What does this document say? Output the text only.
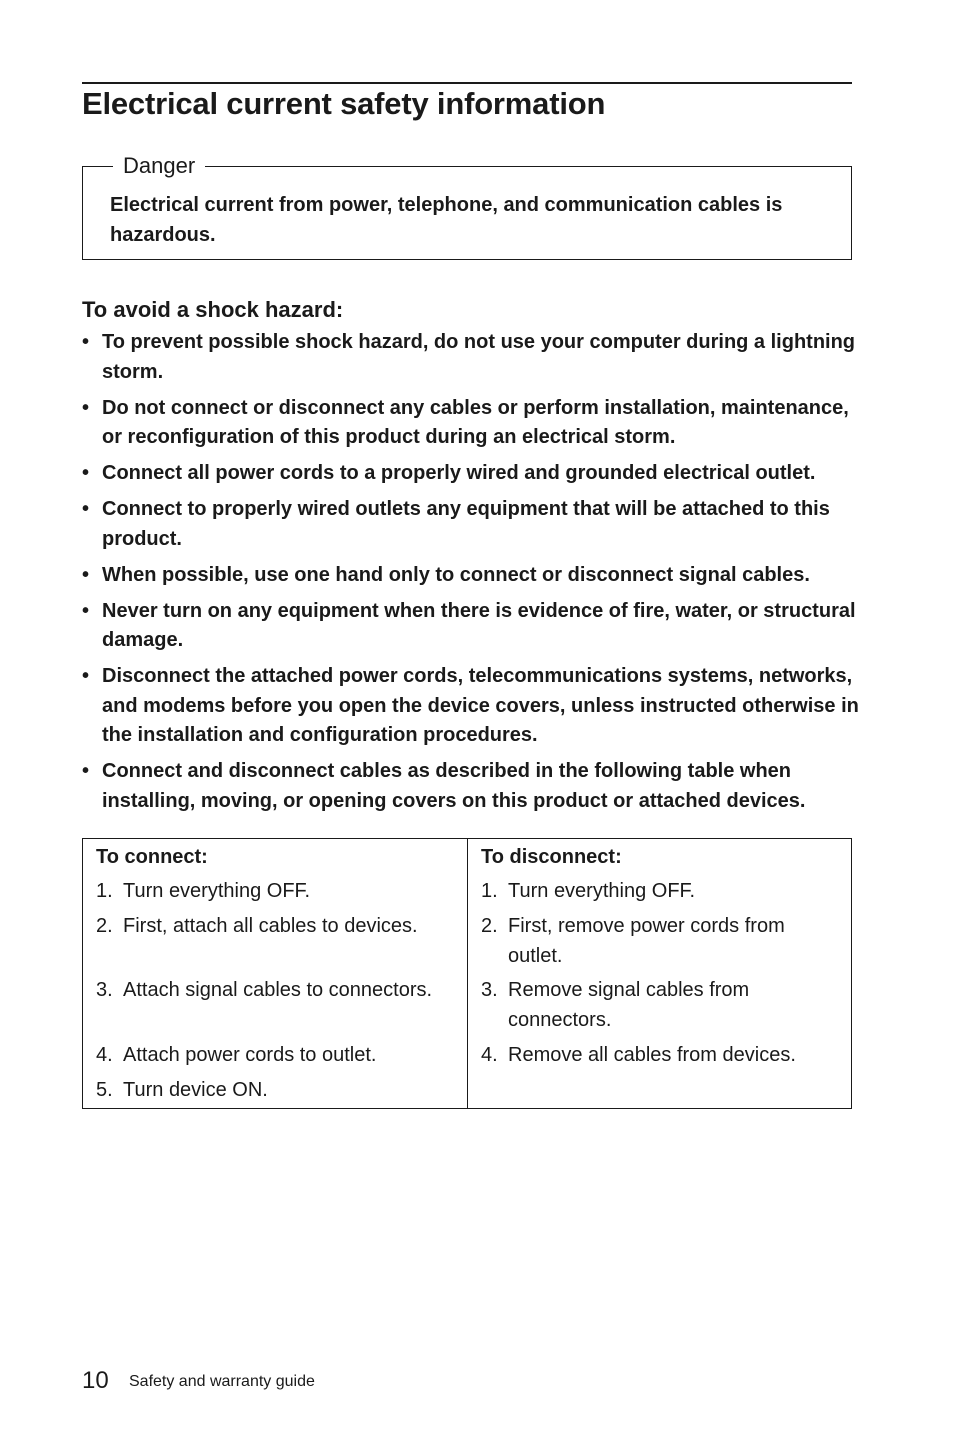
Electrical current safety information
Danger
Electrical current from power, telephone, and communication cables is hazardous.
To avoid a shock hazard:
• To prevent possible shock hazard, do not use your computer during a lightning storm.
• Do not connect or disconnect any cables or perform installation, maintenance, or reconfiguration of this product during an electrical storm.
• Connect all power cords to a properly wired and grounded electrical outlet.
• Connect to properly wired outlets any equipment that will be attached to this product.
• When possible, use one hand only to connect or disconnect signal cables.
• Never turn on any equipment when there is evidence of fire, water, or structural damage.
• Disconnect the attached power cords, telecommunications systems, networks, and modems before you open the device covers, unless instructed otherwise in the installation and configuration procedures.
• Connect and disconnect cables as described in the following table when installing, moving, or opening covers on this product or attached devices.
To connect:
1. Turn everything OFF.
2. First, attach all cables to devices.
3. Attach signal cables to connectors.
4. Attach power cords to outlet.
5. Turn device ON.
To disconnect:
1. Turn everything OFF.
2. First, remove power cords from outlet.
3. Remove signal cables from connectors.
4. Remove all cables from devices.
10 Safety and warranty guide
